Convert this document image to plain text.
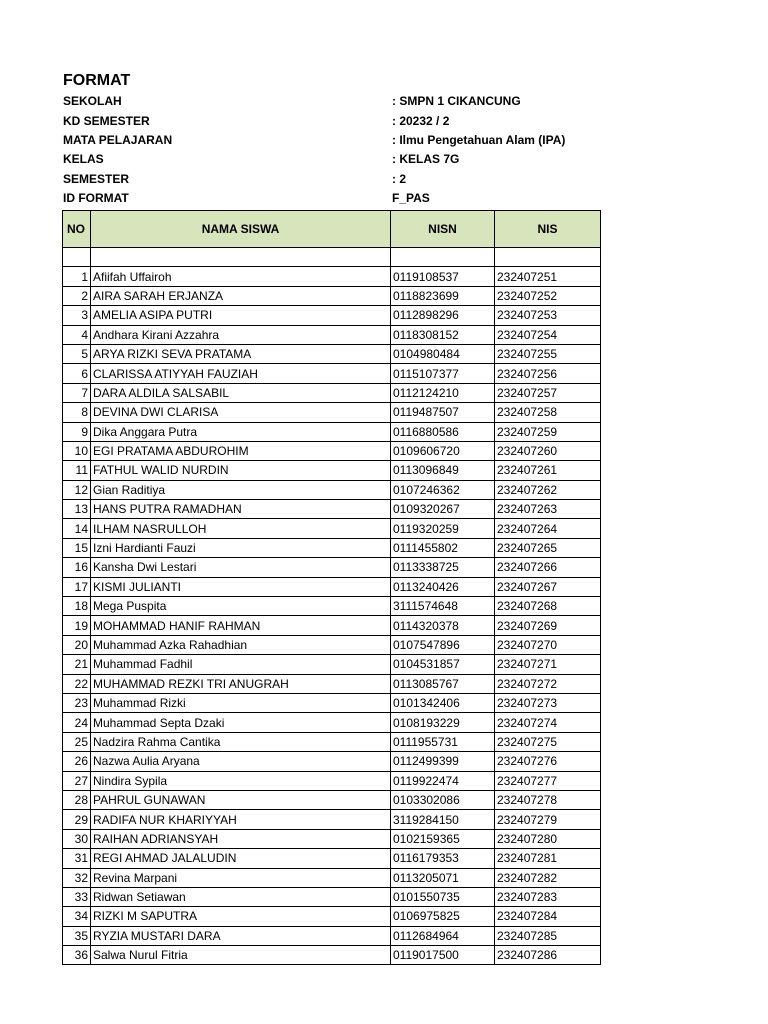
FORMAT
SEKOLAH	: SMPN 1 CIKANCUNG
KD SEMESTER	: 20232 / 2
MATA PELAJARAN	: Ilmu Pengetahuan Alam (IPA)
KELAS	: KELAS 7G
SEMESTER	: 2
ID FORMAT	F_PAS
NO	NAMA SISWA	NISN	NIS

1	Afiifah Uffairoh	0119108537	232407251
2	AIRA SARAH ERJANZA	0118823699	232407252
3	AMELIA ASIPA PUTRI	0112898296	232407253
4	Andhara Kirani Azzahra	0118308152	232407254
5	ARYA RIZKI SEVA PRATAMA	0104980484	232407255
6	CLARISSA ATIYYAH FAUZIAH	0115107377	232407256
7	DARA ALDILA SALSABIL	0112124210	232407257
8	DEVINA DWI CLARISA	0119487507	232407258
9	Dika Anggara Putra	0116880586	232407259
10	EGI PRATAMA ABDUROHIM	0109606720	232407260
11	FATHUL WALID NURDIN	0113096849	232407261
12	Gian Raditiya	0107246362	232407262
13	HANS PUTRA RAMADHAN	0109320267	232407263
14	ILHAM NASRULLOH	0119320259	232407264
15	Izni Hardianti Fauzi	0111455802	232407265
16	Kansha Dwi Lestari	0113338725	232407266
17	KISMI JULIANTI	0113240426	232407267
18	Mega Puspita	3111574648	232407268
19	MOHAMMAD HANIF RAHMAN	0114320378	232407269
20	Muhammad Azka Rahadhian	0107547896	232407270
21	Muhammad Fadhil	0104531857	232407271
22	MUHAMMAD REZKI TRI ANUGRAH	0113085767	232407272
23	Muhammad Rizki	0101342406	232407273
24	Muhammad Septa Dzaki	0108193229	232407274
25	Nadzira Rahma Cantika	0111955731	232407275
26	Nazwa Aulia Aryana	0112499399	232407276
27	Nindira Sypila	0119922474	232407277
28	PAHRUL GUNAWAN	0103302086	232407278
29	RADIFA NUR KHARIYYAH	3119284150	232407279
30	RAIHAN ADRIANSYAH	0102159365	232407280
31	REGI AHMAD JALALUDIN	0116179353	232407281
32	Revina Marpani	0113205071	232407282
33	Ridwan Setiawan	0101550735	232407283
34	RIZKI M SAPUTRA	0106975825	232407284
35	RYZIA MUSTARI DARA	0112684964	232407285
36	Salwa Nurul Fitria	0119017500	232407286
